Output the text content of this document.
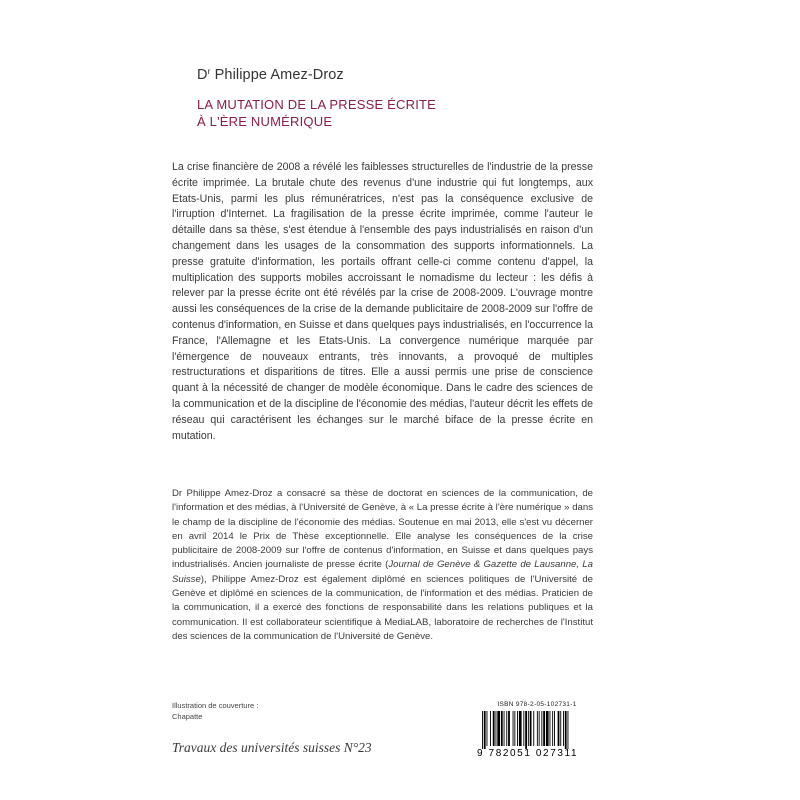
$D^r$ Philippe Amez-Droz
LA MUTATION DE LA PRESSE ÉCRITE
À L'ÈRE NUMÉRIQUE
La crise financière de 2008 a révélé les faiblesses structurelles de l'industrie de la presse écrite imprimée. La brutale chute des revenus d'une industrie qui fut longtemps, aux Etats-Unis, parmi les plus rémunératrices, n'est pas la conséquence exclusive de l'irruption d'Internet. La fragilisation de la presse écrite imprimée, comme l'auteur le détaille dans sa thèse, s'est étendue à l'ensemble des pays industrialisés en raison d'un changement dans les usages de la consommation des supports informationnels. La presse gratuite d'information, les portails offrant celle-ci comme contenu d'appel, la multiplication des supports mobiles accroissant le nomadisme du lecteur : les défis à relever par la presse écrite ont été révélés par la crise de 2008-2009. L'ouvrage montre aussi les conséquences de la crise de la demande publicitaire de 2008-2009 sur l'offre de contenus d'information, en Suisse et dans quelques pays industrialisés, en l'occurrence la France, l'Allemagne et les Etats-Unis. La convergence numérique marquée par l'émergence de nouveaux entrants, très innovants, a provoqué de multiples restructurations et disparitions de titres. Elle a aussi permis une prise de conscience quant à la nécessité de changer de modèle économique. Dans le cadre des sciences de la communication et de la discipline de l'économie des médias, l'auteur décrit les effets de réseau qui caractérisent les échanges sur le marché biface de la presse écrite en mutation.
Dr Philippe Amez-Droz a consacré sa thèse de doctorat en sciences de la communication, de l'information et des médias, à l'Université de Genève, à « La presse écrite à l'ère numérique » dans le champ de la discipline de l'économie des médias. Soutenue en mai 2013, elle s'est vu décerner en avril 2014 le Prix de Thèse exceptionnelle. Elle analyse les conséquences de la crise publicitaire de 2008-2009 sur l'offre de contenus d'information, en Suisse et dans quelques pays industrialisés. Ancien journaliste de presse écrite (Journal de Genève & Gazette de Lausanne, La Suisse), Philippe Amez-Droz est également diplômé en sciences politiques de l'Université de Genève et diplômé en sciences de la communication, de l'information et des médias. Praticien de la communication, il a exercé des fonctions de responsabilité dans les relations publiques et la communication. Il est collaborateur scientifique à MediaLAB, laboratoire de recherches de l'Institut des sciences de la communication de l'Université de Genève.
Illustration de couverture :
Chapatte
Travaux des universités suisses N°23
ISBN 978-2-05-102731-1
9 782051 027311
